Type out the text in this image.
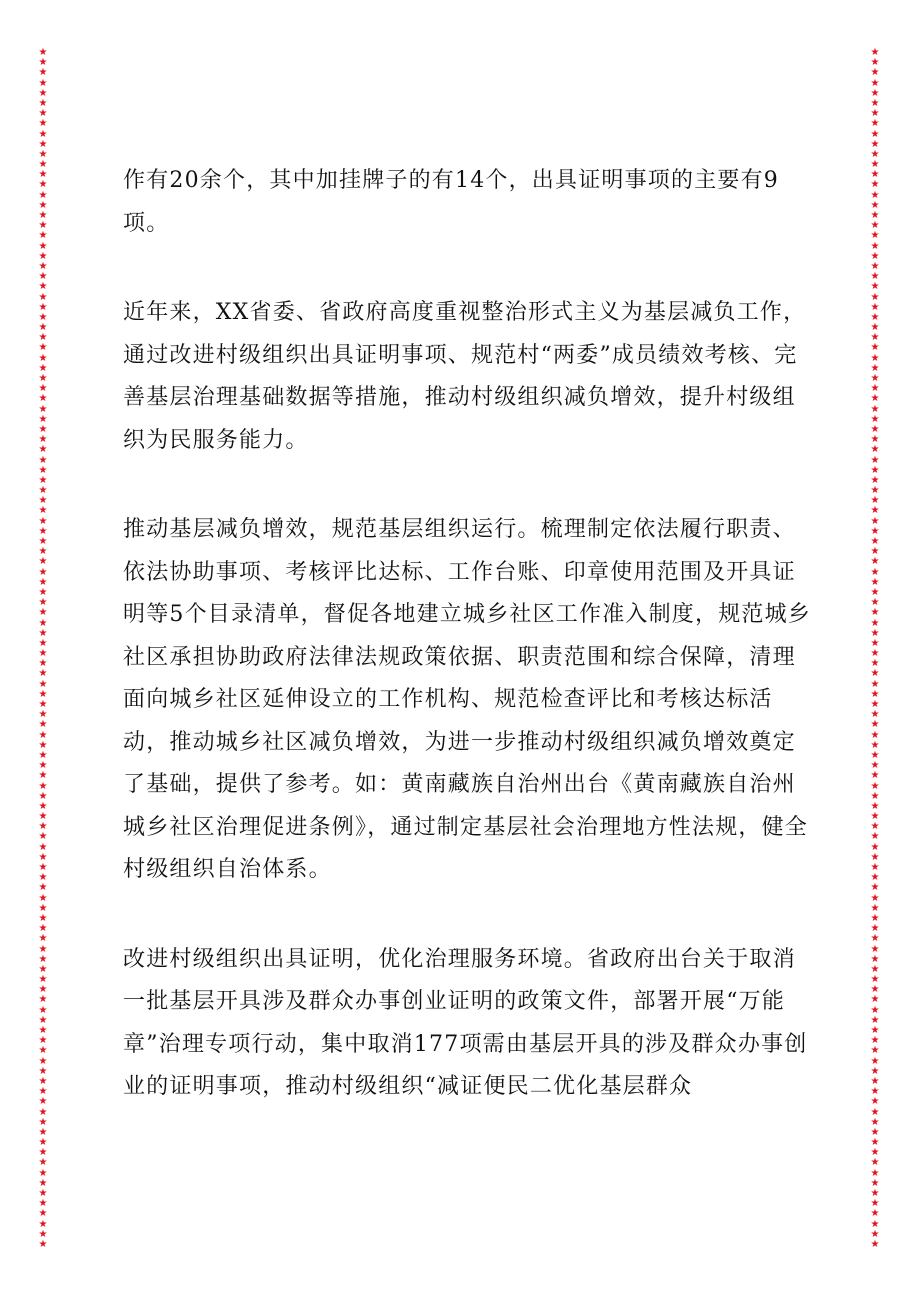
★
★
★
★
★
★
★
★
★
★
★
★
★
★
★
★
★
★
★
★
★
★
★
★
★
★
★
★
★
★
★
★
★
★
★
★
★
★
★
★
★
★
★
★
★
★
★
★
★
★
★
★
★
★
★
★
★
★
★
★
★
★
★
★
★
★
★
★
★
★
★
★
★
★
★
★
★
★
★
★
★
★
★
★
★
★
★
★
★
★
★
★
★
★
★
★
★
★
★
★
★
★
★
★
★
★
★
★
★
★
★
★
★
★
★
★
★
★
★
★
★
★
★
★
★
★
★
★
★
★
★
★
★
★
★
★
★
★
★
★
★
★
★
★
★
★
★
★
★
★
★
★
★
★
★
★
★
★
★
★
★
★
★
★
★
★
★
★
★
★
★
★
★
★
★
★
★
★
★
★
★
★
★
★
★
★
★
★
★
★
★
★
★
★
★
★
★
★
★
★
★
★
★
★
★
★
★
★
★
★
★
★
★
★
★
★
★
★
★
★
★
★
★
★
★
★
★
★
★
★
★
★
★
★
★
★

作有20余个，其中加挂牌子的有14个，出具证明事项的主要有9项。

近年来，XX省委、省政府高度重视整治形式主义为基层减负工作，通过改进村级组织出具证明事项、规范村“两委”成员绩效考核、完善基层治理基础数据等措施，推动村级组织减负增效，提升村级组织为民服务能力。

推动基层减负增效，规范基层组织运行。梳理制定依法履行职责、依法协助事项、考核评比达标、工作台账、印章使用范围及开具证明等5个目录清单，督促各地建立城乡社区工作准入制度，规范城乡社区承担协助政府法律法规政策依据、职责范围和综合保障，清理面向城乡社区延伸设立的工作机构、规范检查评比和考核达标活动，推动城乡社区减负增效，为进一步推动村级组织减负增效奠定了基础，提供了参考。如：黄南藏族自治州出台《黄南藏族自治州城乡社区治理促进条例》，通过制定基层社会治理地方性法规，健全村级组织自治体系。

改进村级组织出具证明，优化治理服务环境。省政府出台关于取消一批基层开具涉及群众办事创业证明的政策文件，部署开展“万能章”治理专项行动，集中取消177项需由基层开具的涉及群众办事创业的证明事项，推动村级组织“减证便民二优化基层群众
